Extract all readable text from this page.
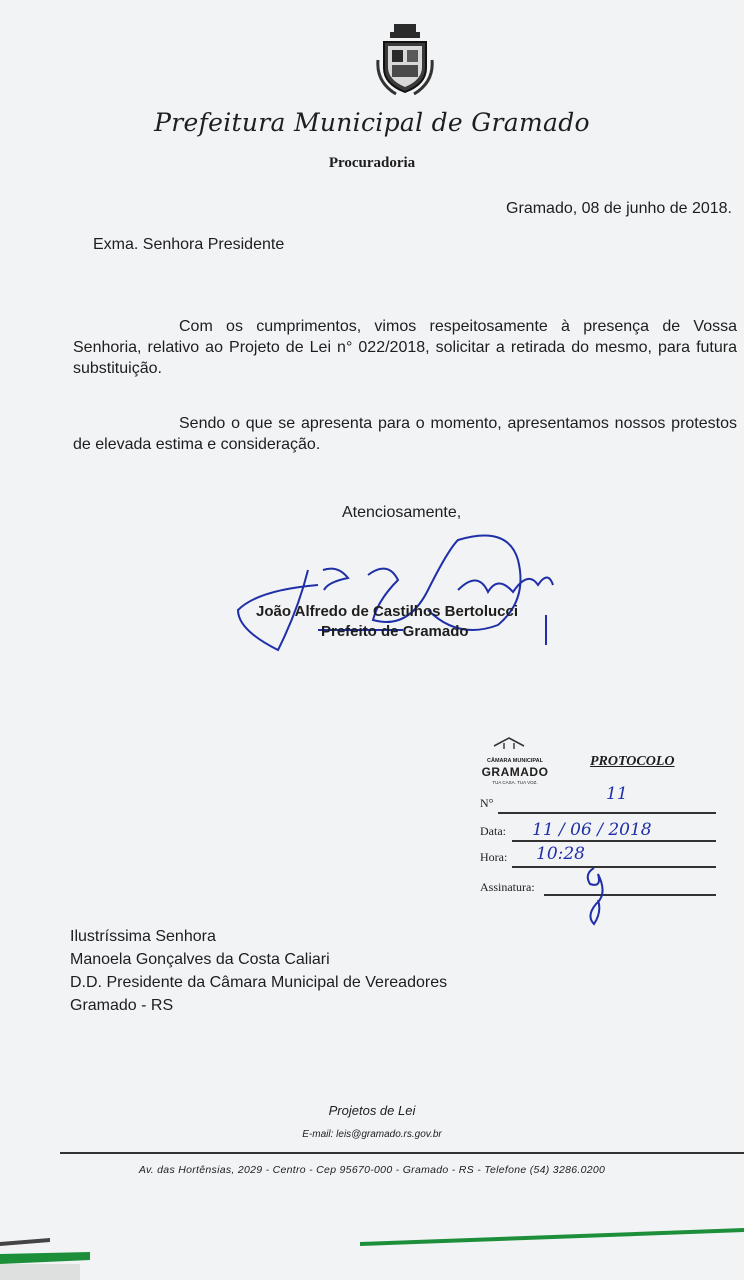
Prefeitura Municipal de Gramado
Procuradoria
Gramado, 08 de junho de 2018.
Exma. Senhora Presidente
Com os cumprimentos, vimos respeitosamente à presença de Vossa Senhoria, relativo ao Projeto de Lei n° 022/2018, solicitar a retirada do mesmo, para futura substituição.
Sendo o que se apresenta para o momento, apresentamos nossos protestos de elevada estima e consideração.
Atenciosamente,
João Alfredo de Castilhos Bertolucci
Prefeito de Gramado
CÂMARA MUNICIPAL
GRAMADO
TUA CASA. TUA VOZ.
PROTOCOLO
N°	11
Data: 11 / 06 / 2018
Hora: 10:28
Assinatura:
Ilustríssima Senhora
Manoela Gonçalves da Costa Caliari
D.D. Presidente da Câmara Municipal de Vereadores
Gramado - RS
Projetos de Lei
E-mail: leis@gramado.rs.gov.br
Av. das Hortênsias, 2029 - Centro - Cep 95670-000 - Gramado - RS - Telefone (54) 3286.0200
